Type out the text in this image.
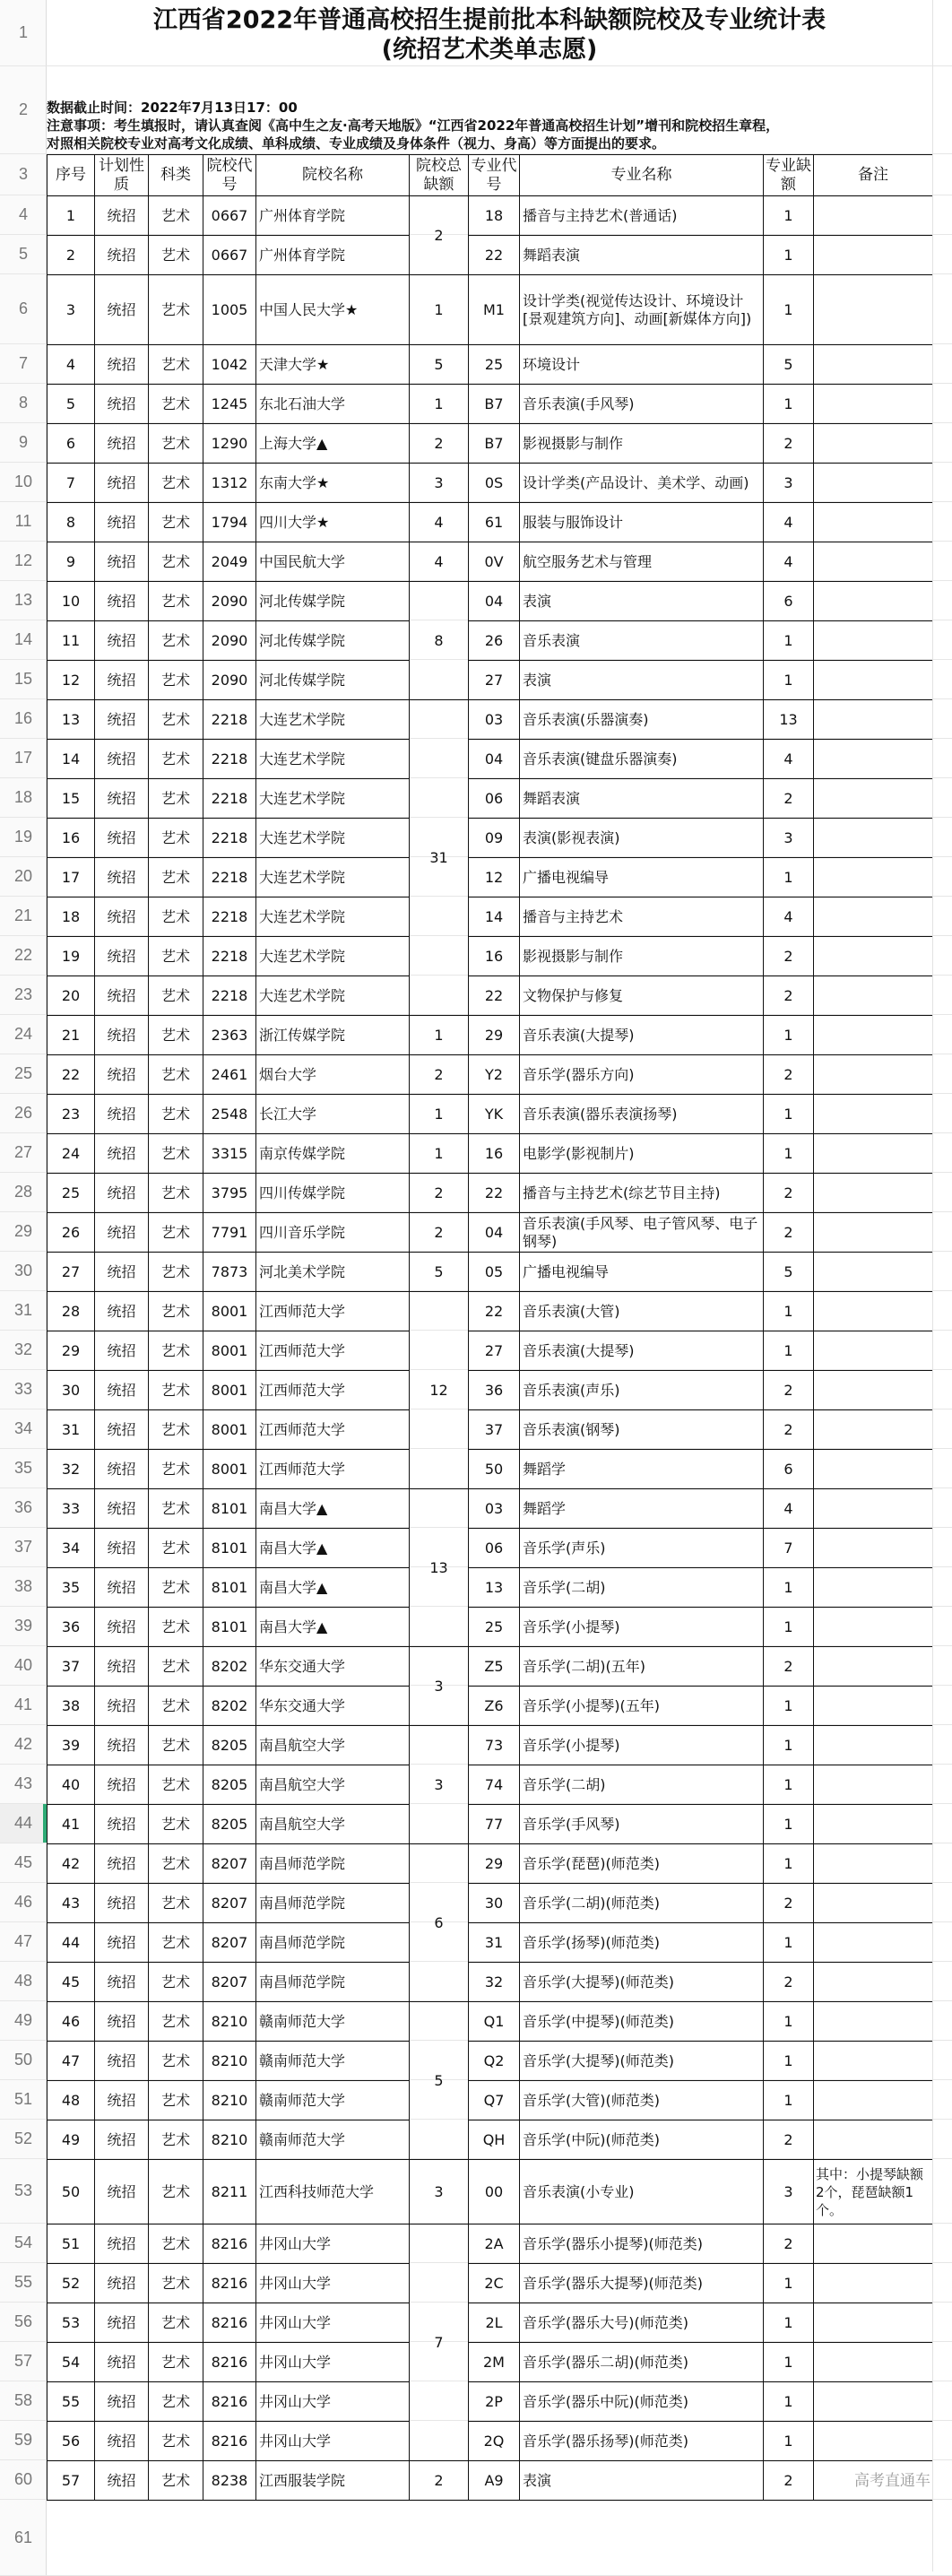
1
2
3
4
5
6
7
8
9
10
11
12
13
14
15
16
17
18
19
20
21
22
23
24
25
26
27
28
29
30
31
32
33
34
35
36
37
38
39
40
41
42
43
44
45
46
47
48
49
50
51
52
53
54
55
56
57
58
59
60
61
江西省2022年普通高校招生提前批本科缺额院校及专业统计表
(统招艺术类单志愿)
数据截止时间：2022年7月13日17：00
注意事项：考生填报时，请认真查阅《高中生之友·高考天地版》“江西省2022年普通高校招生计划”增刊和院校招生章程，
对照相关院校专业对高考文化成绩、单科成绩、专业成绩及身体条件（视力、身高）等方面提出的要求。
序号	计划性质	科类	院校代号	院校名称	院校总缺额	专业代号	专业名称	专业缺额	备注
1	统招	艺术	0667	广州体育学院	2	18	播音与主持艺术(普通话)	1	
2	统招	艺术	0667	广州体育学院		22	舞蹈表演	1	
3	统招	艺术	1005	中国人民大学★	1	M1	设计学类(视觉传达设计、环境设计[景观建筑方向]、动画[新媒体方向])	1	
4	统招	艺术	1042	天津大学★	5	25	环境设计	5	
5	统招	艺术	1245	东北石油大学	1	B7	音乐表演(手风琴)	1	
6	统招	艺术	1290	上海大学▲	2	B7	影视摄影与制作	2	
7	统招	艺术	1312	东南大学★	3	0S	设计学类(产品设计、美术学、动画)	3	
8	统招	艺术	1794	四川大学★	4	61	服装与服饰设计	4	
9	统招	艺术	2049	中国民航大学	4	0V	航空服务艺术与管理	4	
10	统招	艺术	2090	河北传媒学院	8	04	表演	6	
11	统招	艺术	2090	河北传媒学院		26	音乐表演	1	
12	统招	艺术	2090	河北传媒学院		27	表演	1	
13	统招	艺术	2218	大连艺术学院	31	03	音乐表演(乐器演奏)	13	
14	统招	艺术	2218	大连艺术学院		04	音乐表演(键盘乐器演奏)	4	
15	统招	艺术	2218	大连艺术学院		06	舞蹈表演	2	
16	统招	艺术	2218	大连艺术学院		09	表演(影视表演)	3	
17	统招	艺术	2218	大连艺术学院		12	广播电视编导	1	
18	统招	艺术	2218	大连艺术学院		14	播音与主持艺术	4	
19	统招	艺术	2218	大连艺术学院		16	影视摄影与制作	2	
20	统招	艺术	2218	大连艺术学院		22	文物保护与修复	2	
21	统招	艺术	2363	浙江传媒学院	1	29	音乐表演(大提琴)	1	
22	统招	艺术	2461	烟台大学	2	Y2	音乐学(器乐方向)	2	
23	统招	艺术	2548	长江大学	1	YK	音乐表演(器乐表演扬琴)	1	
24	统招	艺术	3315	南京传媒学院	1	16	电影学(影视制片)	1	
25	统招	艺术	3795	四川传媒学院	2	22	播音与主持艺术(综艺节目主持)	2	
26	统招	艺术	7791	四川音乐学院	2	04	音乐表演(手风琴、电子管风琴、电子钢琴)	2	
27	统招	艺术	7873	河北美术学院	5	05	广播电视编导	5	
28	统招	艺术	8001	江西师范大学	12	22	音乐表演(大管)	1	
29	统招	艺术	8001	江西师范大学		27	音乐表演(大提琴)	1	
30	统招	艺术	8001	江西师范大学		36	音乐表演(声乐)	2	
31	统招	艺术	8001	江西师范大学		37	音乐表演(钢琴)	2	
32	统招	艺术	8001	江西师范大学		50	舞蹈学	6	
33	统招	艺术	8101	南昌大学▲	13	03	舞蹈学	4	
34	统招	艺术	8101	南昌大学▲		06	音乐学(声乐)	7	
35	统招	艺术	8101	南昌大学▲		13	音乐学(二胡)	1	
36	统招	艺术	8101	南昌大学▲		25	音乐学(小提琴)	1	
37	统招	艺术	8202	华东交通大学	3	Z5	音乐学(二胡)(五年)	2	
38	统招	艺术	8202	华东交通大学		Z6	音乐学(小提琴)(五年)	1	
39	统招	艺术	8205	南昌航空大学	3	73	音乐学(小提琴)	1	
40	统招	艺术	8205	南昌航空大学		74	音乐学(二胡)	1	
41	统招	艺术	8205	南昌航空大学		77	音乐学(手风琴)	1	
42	统招	艺术	8207	南昌师范学院	6	29	音乐学(琵琶)(师范类)	1	
43	统招	艺术	8207	南昌师范学院		30	音乐学(二胡)(师范类)	2	
44	统招	艺术	8207	南昌师范学院		31	音乐学(扬琴)(师范类)	1	
45	统招	艺术	8207	南昌师范学院		32	音乐学(大提琴)(师范类)	2	
46	统招	艺术	8210	赣南师范大学	5	Q1	音乐学(中提琴)(师范类)	1	
47	统招	艺术	8210	赣南师范大学		Q2	音乐学(大提琴)(师范类)	1	
48	统招	艺术	8210	赣南师范大学		Q7	音乐学(大管)(师范类)	1	
49	统招	艺术	8210	赣南师范大学		QH	音乐学(中阮)(师范类)	2	
50	统招	艺术	8211	江西科技师范大学	3	00	音乐表演(小专业)	3	其中：小提琴缺额2个，琵琶缺额1个。
51	统招	艺术	8216	井冈山大学	7	2A	音乐学(器乐小提琴)(师范类)	2	
52	统招	艺术	8216	井冈山大学		2C	音乐学(器乐大提琴)(师范类)	1	
53	统招	艺术	8216	井冈山大学		2L	音乐学(器乐大号)(师范类)	1	
54	统招	艺术	8216	井冈山大学		2M	音乐学(器乐二胡)(师范类)	1	
55	统招	艺术	8216	井冈山大学		2P	音乐学(器乐中阮)(师范类)	1	
56	统招	艺术	8216	井冈山大学		2Q	音乐学(器乐扬琴)(师范类)	1	
57	统招	艺术	8238	江西服装学院	2	A9	表演	2	高考直通车
